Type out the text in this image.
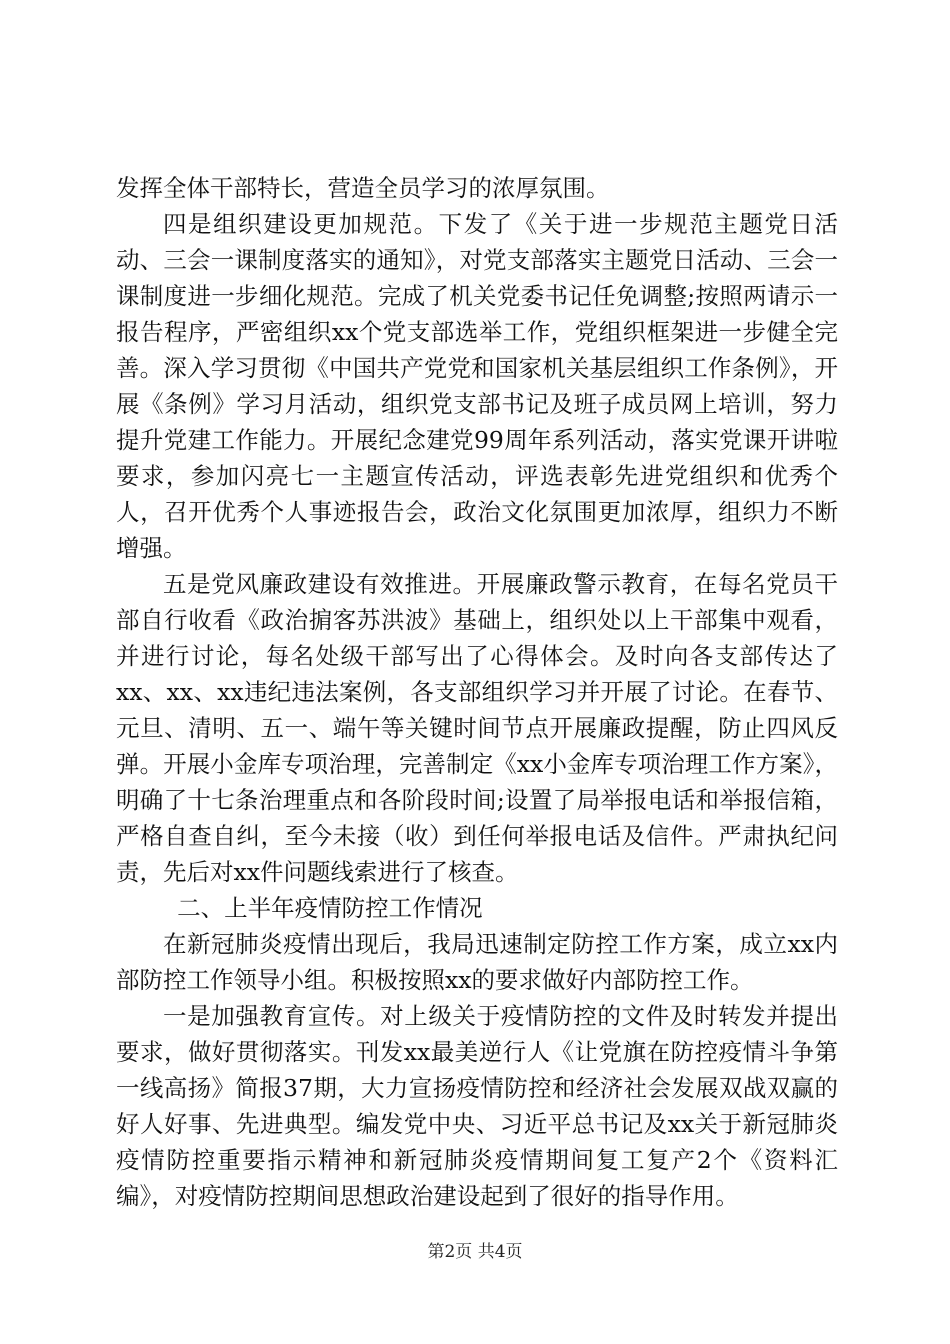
发挥全体干部特长，营造全员学习的浓厚氛围。

四是组织建设更加规范。下发了《关于进一步规范主题党日活动、三会一课制度落实的通知》，对党支部落实主题党日活动、三会一课制度进一步细化规范。完成了机关党委书记任免调整;按照两请示一报告程序，严密组织xx个党支部选举工作，党组织框架进一步健全完善。深入学习贯彻《中国共产党党和国家机关基层组织工作条例》，开展《条例》学习月活动，组织党支部书记及班子成员网上培训，努力提升党建工作能力。开展纪念建党99周年系列活动，落实党课开讲啦要求，参加闪亮七一主题宣传活动，评选表彰先进党组织和优秀个人，召开优秀个人事迹报告会，政治文化氛围更加浓厚，组织力不断增强。

五是党风廉政建设有效推进。开展廉政警示教育，在每名党员干部自行收看《政治掮客苏洪波》基础上，组织处以上干部集中观看，并进行讨论，每名处级干部写出了心得体会。及时向各支部传达了xx、xx、xx违纪违法案例，各支部组织学习并开展了讨论。在春节、元旦、清明、五一、端午等关键时间节点开展廉政提醒，防止四风反弹。开展小金库专项治理，完善制定《xx小金库专项治理工作方案》，明确了十七条治理重点和各阶段时间;设置了局举报电话和举报信箱，严格自查自纠，至今未接（收）到任何举报电话及信件。严肃执纪问责，先后对xx件问题线索进行了核查。

二、上半年疫情防控工作情况

在新冠肺炎疫情出现后，我局迅速制定防控工作方案，成立xx内部防控工作领导小组。积极按照xx的要求做好内部防控工作。

一是加强教育宣传。对上级关于疫情防控的文件及时转发并提出要求，做好贯彻落实。刊发xx最美逆行人《让党旗在防控疫情斗争第一线高扬》简报37期，大力宣扬疫情防控和经济社会发展双战双赢的好人好事、先进典型。编发党中央、习近平总书记及xx关于新冠肺炎疫情防控重要指示精神和新冠肺炎疫情期间复工复产2个《资料汇编》，对疫情防控期间思想政治建设起到了很好的指导作用。

第2页 共4页
